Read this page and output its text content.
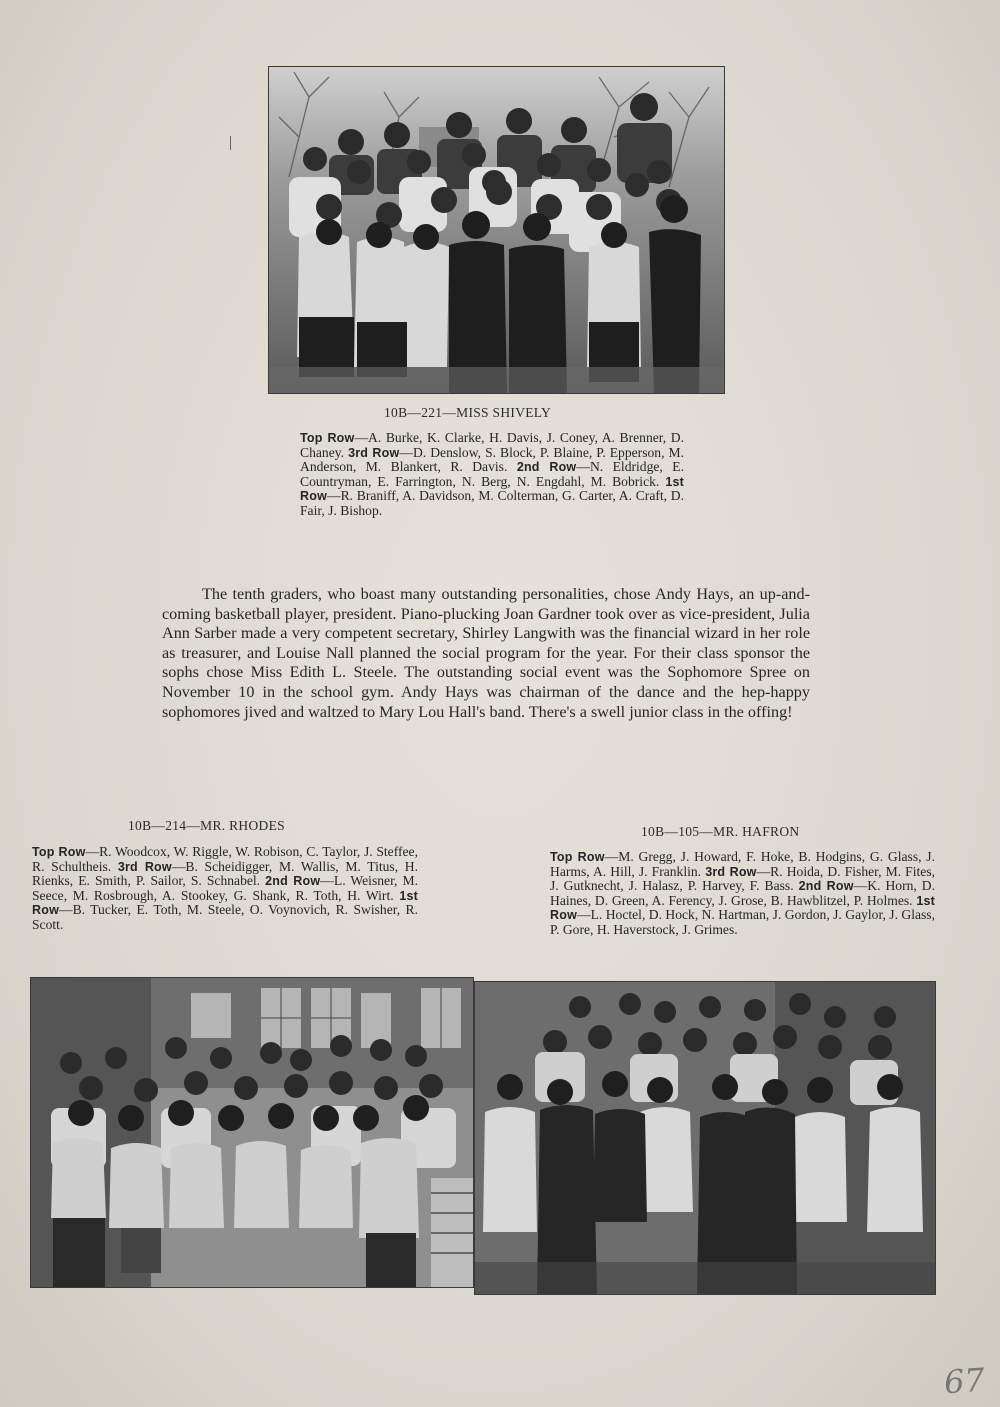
10B—221—MISS SHIVELY
Top Row—A. Burke, K. Clarke, H. Davis, J. Coney, A. Brenner, D. Chaney. 3rd Row—D. Denslow, S. Block, P. Blaine, P. Epperson, M. Anderson, M. Blankert, R. Davis. 2nd Row—N. Eldridge, E. Countryman, E. Farrington, N. Berg, N. Engdahl, M. Bobrick. 1st Row—R. Braniff, A. Davidson, M. Colterman, G. Carter, A. Craft, D. Fair, J. Bishop.

The tenth graders, who boast many outstanding personalities, chose Andy Hays, an up-and-coming basketball player, president. Piano-plucking Joan Gardner took over as vice-president, Julia Ann Sarber made a very competent secretary, Shirley Langwith was the financial wizard in her role as treasurer, and Louise Nall planned the social program for the year. For their class sponsor the sophs chose Miss Edith L. Steele. The outstanding social event was the Sophomore Spree on November 10 in the school gym. Andy Hays was chairman of the dance and the hep-happy sophomores jived and waltzed to Mary Lou Hall's band. There's a swell junior class in the offing!

10B—214—MR. RHODES
Top Row—R. Woodcox, W. Riggle, W. Robison, C. Taylor, J. Steffee, R. Schultheis. 3rd Row—B. Scheidigger, M. Wallis, M. Titus, H. Rienks, E. Smith, P. Sailor, S. Schnabel. 2nd Row—L. Weisner, M. Seece, M. Rosbrough, A. Stookey, G. Shank, R. Toth, H. Wirt. 1st Row—B. Tucker, E. Toth, M. Steele, O. Voynovich, R. Swisher, R. Scott.
10B—105—MR. HAFRON
Top Row—M. Gregg, J. Howard, F. Hoke, B. Hodgins, G. Glass, J. Harms, A. Hill, J. Franklin. 3rd Row—R. Hoida, D. Fisher, M. Fites, J. Gutknecht, J. Halasz, P. Harvey, F. Bass. 2nd Row—K. Horn, D. Haines, D. Green, A. Ferency, J. Grose, B. Hawblitzel, P. Holmes. 1st Row—L. Hoctel, D. Hock, N. Hartman, J. Gordon, J. Gaylor, J. Glass, P. Gore, H. Haverstock, J. Grimes.
67
